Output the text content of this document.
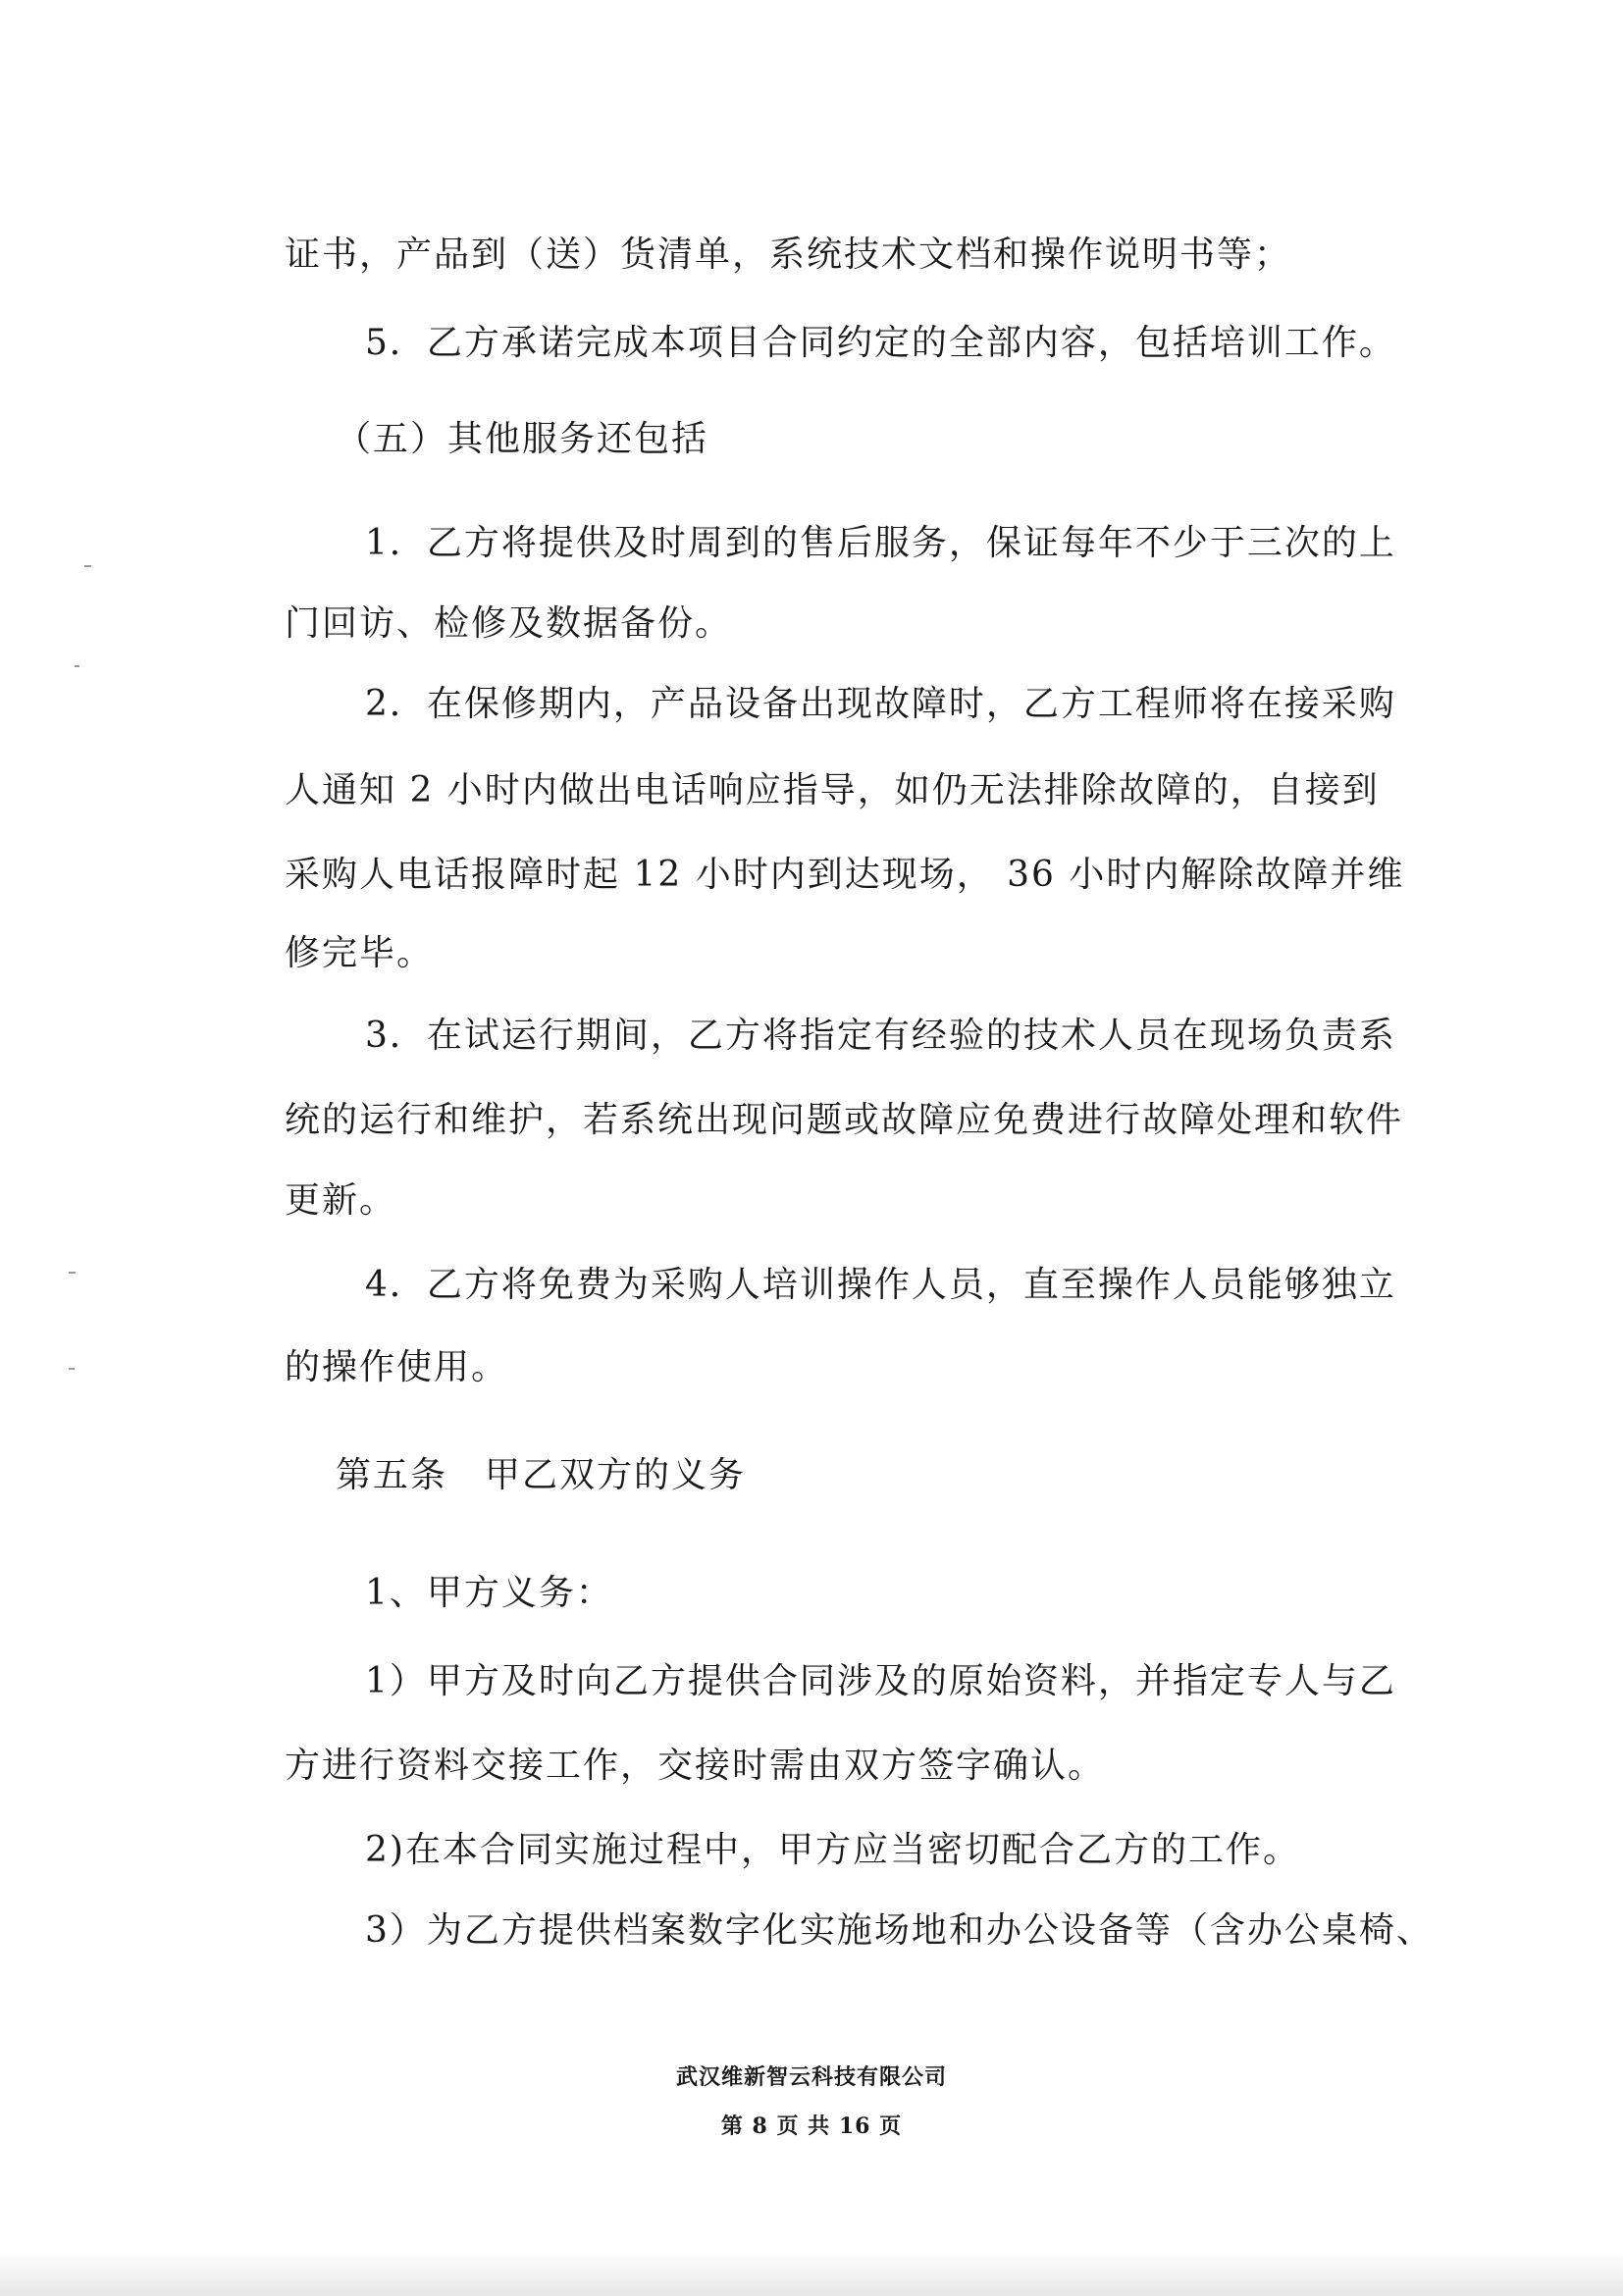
证书，产品到（送）货清单，系统技术文档和操作说明书等；
5．乙方承诺完成本项目合同约定的全部内容，包括培训工作。
（五）其他服务还包括
1．乙方将提供及时周到的售后服务，保证每年不少于三次的上
门回访、检修及数据备份。
2．在保修期内，产品设备出现故障时，乙方工程师将在接采购
人通知 2 小时内做出电话响应指导，如仍无法排除故障的，自接到
采购人电话报障时起 12 小时内到达现场， 36 小时内解除故障并维
修完毕。
3．在试运行期间，乙方将指定有经验的技术人员在现场负责系
统的运行和维护，若系统出现问题或故障应免费进行故障处理和软件
更新。
4．乙方将免费为采购人培训操作人员，直至操作人员能够独立
的操作使用。
第五条　甲乙双方的义务
1、甲方义务：
1）甲方及时向乙方提供合同涉及的原始资料，并指定专人与乙
方进行资料交接工作，交接时需由双方签字确认。
2)在本合同实施过程中，甲方应当密切配合乙方的工作。
3）为乙方提供档案数字化实施场地和办公设备等（含办公桌椅、
武汉维新智云科技有限公司
第 8 页 共 16 页
